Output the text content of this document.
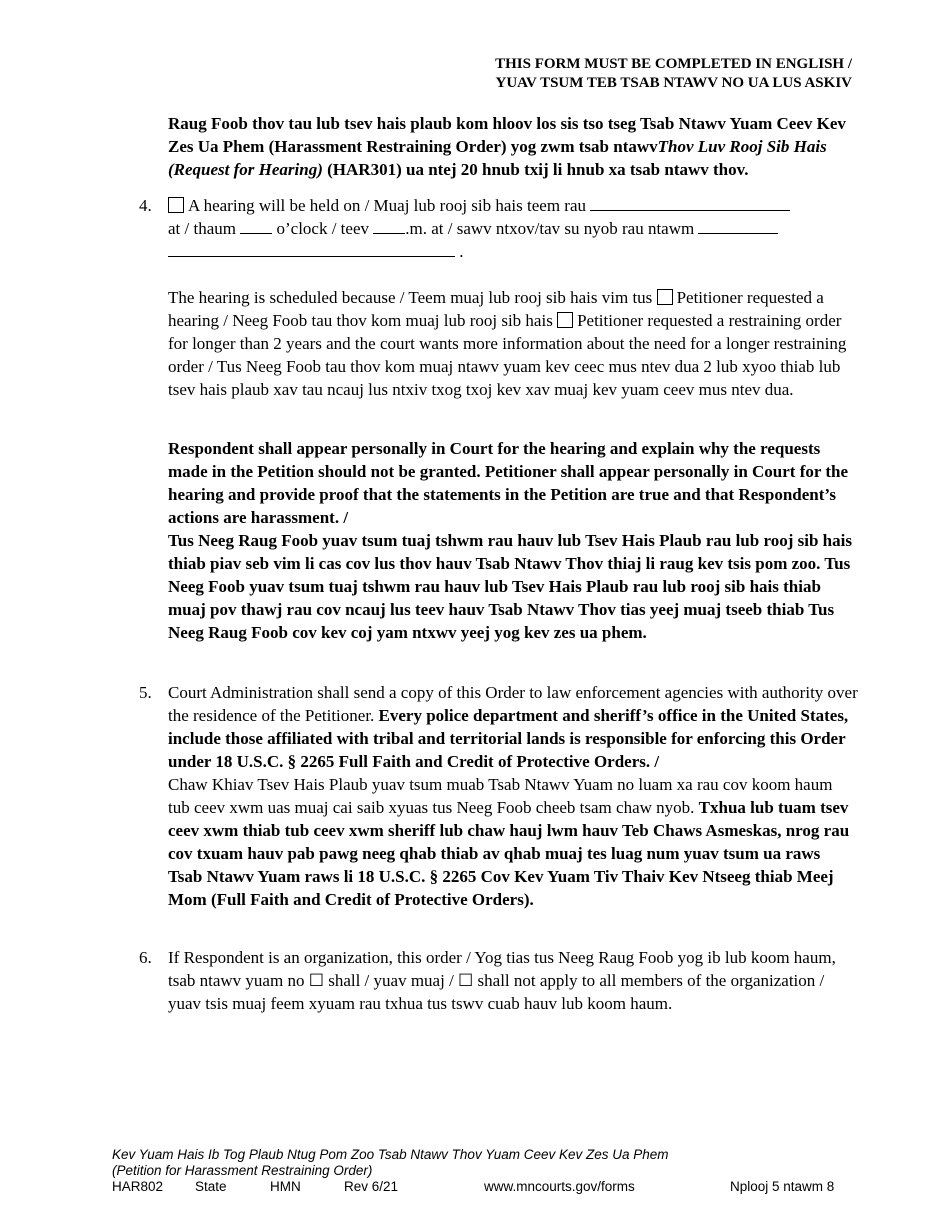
THIS FORM MUST BE COMPLETED IN ENGLISH /
YUAV TSUM TEB TSAB NTAWV NO UA LUS ASKIV
Raug Foob thov tau lub tsev hais plaub kom hloov los sis tso tseg Tsab Ntawv Yuam Ceev Kev Zes Ua Phem (Harassment Restraining Order) yog zwm tsab ntawvThov Luv Rooj Sib Hais (Request for Hearing) (HAR301) ua ntej 20 hnub txij li hnub xa tsab ntawv thov.
4.	A hearing will be held on / Muaj lub rooj sib hais teem rau
at / thaum o’clock / teev .m. at / sawv ntxov/tav su nyob rau ntawm
.
The hearing is scheduled because / Teem muaj lub rooj sib hais vim tus Petitioner requested a hearing / Neeg Foob tau thov kom muaj lub rooj sib hais Petitioner requested a restraining order for longer than 2 years and the court wants more information about the need for a longer restraining order / Tus Neeg Foob tau thov kom muaj ntawv yuam kev ceec mus ntev dua 2 lub xyoo thiab lub tsev hais plaub xav tau ncauj lus ntxiv txog txoj kev xav muaj kev yuam ceev mus ntev dua.
Respondent shall appear personally in Court for the hearing and explain why the requests made in the Petition should not be granted. Petitioner shall appear personally in Court for the hearing and provide proof that the statements in the Petition are true and that Respondent’s actions are harassment. /
Tus Neeg Raug Foob yuav tsum tuaj tshwm rau hauv lub Tsev Hais Plaub rau lub rooj sib hais thiab piav seb vim li cas cov lus thov hauv Tsab Ntawv Thov thiaj li raug kev tsis pom zoo. Tus Neeg Foob yuav tsum tuaj tshwm rau hauv lub Tsev Hais Plaub rau lub rooj sib hais thiab muaj pov thawj rau cov ncauj lus teev hauv Tsab Ntawv Thov tias yeej muaj tseeb thiab Tus Neeg Raug Foob cov kev coj yam ntxwv yeej yog kev zes ua phem.
5. Court Administration shall send a copy of this Order to law enforcement agencies with authority over the residence of the Petitioner. Every police department and sheriff’s office in the United States, include those affiliated with tribal and territorial lands is responsible for enforcing this Order under 18 U.S.C. § 2265 Full Faith and Credit of Protective Orders. /
Chaw Khiav Tsev Hais Plaub yuav tsum muab Tsab Ntawv Yuam no luam xa rau cov koom haum tub ceev xwm uas muaj cai saib xyuas tus Neeg Foob cheeb tsam chaw nyob. Txhua lub tuam tsev ceev xwm thiab tub ceev xwm sheriff lub chaw hauj lwm hauv Teb Chaws Asmeskas, nrog rau cov txuam hauv pab pawg neeg qhab thiab av qhab muaj tes luag num yuav tsum ua raws Tsab Ntawv Yuam raws li 18 U.S.C. § 2265 Cov Kev Yuam Tiv Thaiv Kev Ntseeg thiab Meej Mom (Full Faith and Credit of Protective Orders).
6. If Respondent is an organization, this order / Yog tias tus Neeg Raug Foob yog ib lub koom haum, tsab ntawv yuam no ☐ shall / yuav muaj / ☐ shall not apply to all members of the organization / yuav tsis muaj feem xyuam rau txhua tus tswv cuab hauv lub koom haum.
Kev Yuam Hais Ib Tog Plaub Ntug Pom Zoo Tsab Ntawv Thov Yuam Ceev Kev Zes Ua Phem
(Petition for Harassment Restraining Order)
HAR802 State	HMN	Rev 6/21	www.mncourts.gov/forms	Nplooj 5 ntawm 8
